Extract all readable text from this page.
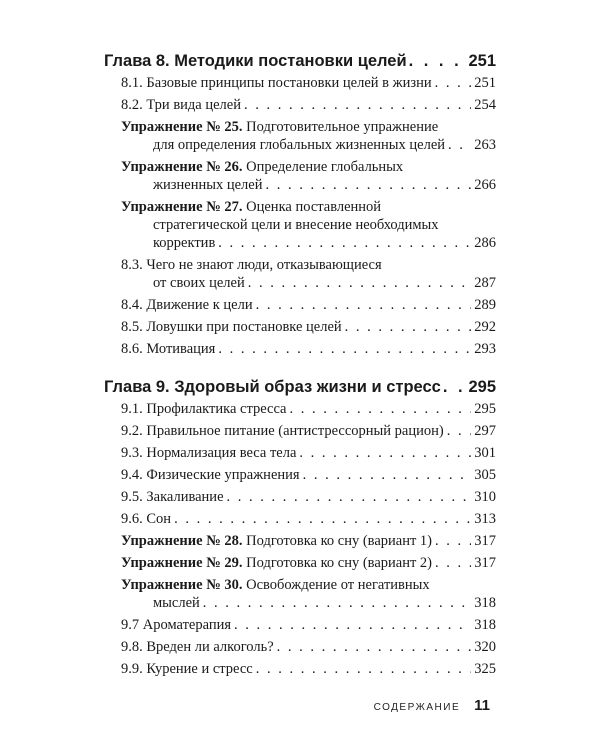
Глава 8. Методики постановки целей . . .	251
8.1. Базовые принципы постановки целей в жизни . . .	251
8.2. Три вида целей . . .	254
Упражнение № 25. Подготовительное упражнение
для определения глобальных жизненных целей . . . 263
Упражнение № 26. Определение глобальных
жизненных целей . . .	266
Упражнение № 27. Оценка поставленной
стратегической цели и внесение необходимых
корректив . . .	286
8.3. Чего не знают люди, отказывающиеся
от своих целей . . .	287
8.4. Движение к цели . . .	289
8.5. Ловушки при постановке целей . . .	292
8.6. Мотивация . . .	293
Глава 9. Здоровый образ жизни и стресс . . . 295
9.1. Профилактика стресса . . .	295
9.2. Правильное питание (антистрессорный рацион) . . . 297
9.3. Нормализация веса тела . . .	301
9.4. Физические упражнения . . .	305
9.5. Закаливание . . .	310
9.6. Сон . . .	313
Упражнение № 28. Подготовка ко сну (вариант 1) . . .	317
Упражнение № 29. Подготовка ко сну (вариант 2) . . .	317
Упражнение № 30. Освобождение от негативных
мыслей . . .	318
9.7 Ароматерапия . . .	318
9.8. Вреден ли алкоголь? . . .	320
9.9. Курение и стресс . . .	325
СОДЕРЖАНИЕ 11
